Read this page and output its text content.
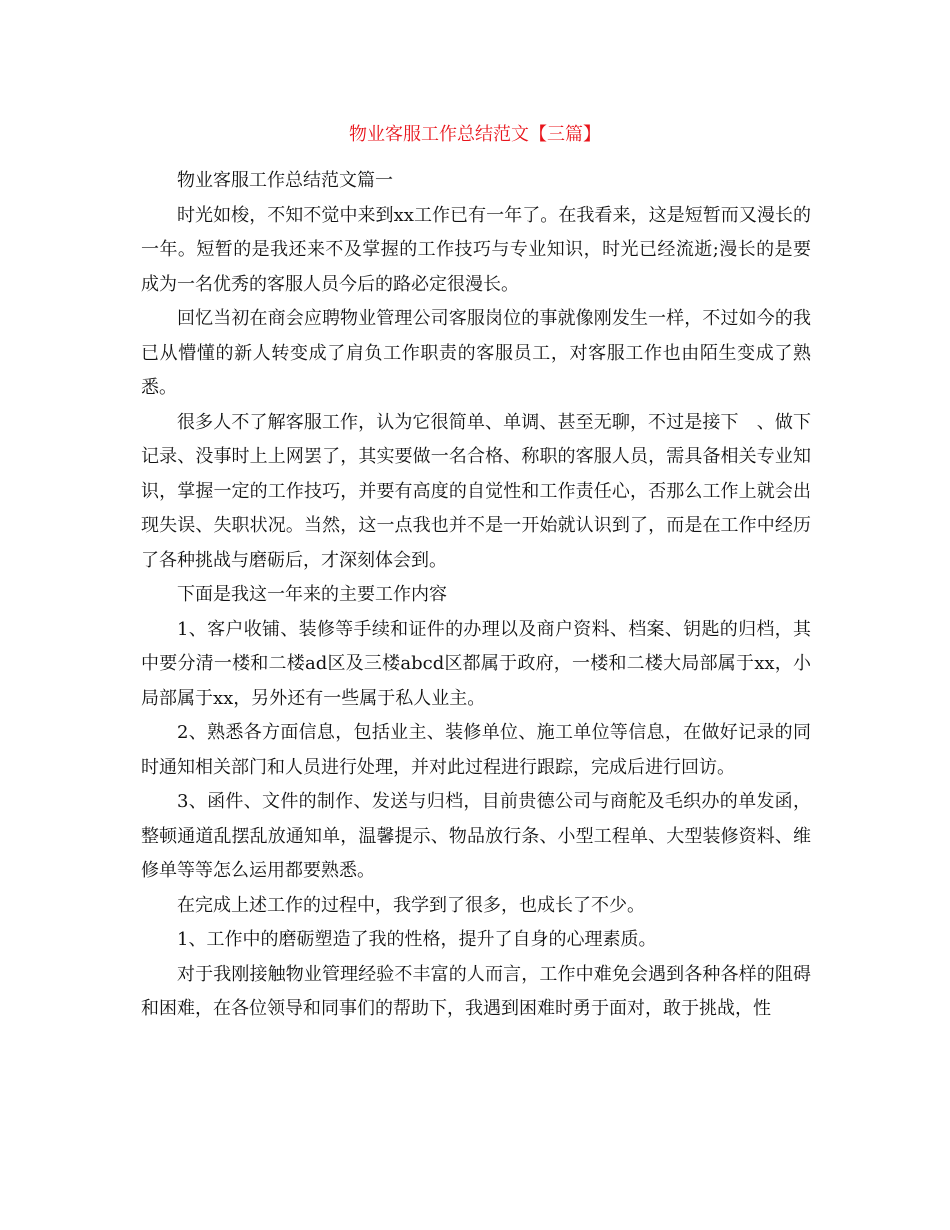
物业客服工作总结范文【三篇】

物业客服工作总结范文篇一

时光如梭，不知不觉中来到xx工作已有一年了。在我看来，这是短暂而又漫长的一年。短暂的是我还来不及掌握的工作技巧与专业知识，时光已经流逝;漫长的是要成为一名优秀的客服人员今后的路必定很漫长。

回忆当初在商会应聘物业管理公司客服岗位的事就像刚发生一样，不过如今的我已从懵懂的新人转变成了肩负工作职责的客服员工，对客服工作也由陌生变成了熟悉。

很多人不了解客服工作，认为它很简单、单调、甚至无聊，不过是接下　、做下记录、没事时上上网罢了，其实要做一名合格、称职的客服人员，需具备相关专业知识，掌握一定的工作技巧，并要有高度的自觉性和工作责任心，否那么工作上就会出现失误、失职状况。当然，这一点我也并不是一开始就认识到了，而是在工作中经历了各种挑战与磨砺后，才深刻体会到。

下面是我这一年来的主要工作内容

1、客户收铺、装修等手续和证件的办理以及商户资料、档案、钥匙的归档，其中要分清一楼和二楼ad区及三楼abcd区都属于政府，一楼和二楼大局部属于xx，小局部属于xx，另外还有一些属于私人业主。

2、熟悉各方面信息，包括业主、装修单位、施工单位等信息，在做好记录的同时通知相关部门和人员进行处理，并对此过程进行跟踪，完成后进行回访。

3、函件、文件的制作、发送与归档，目前贵德公司与商舵及毛织办的单发函，整顿通道乱摆乱放通知单，温馨提示、物品放行条、小型工程单、大型装修资料、维修单等等怎么运用都要熟悉。

在完成上述工作的过程中，我学到了很多，也成长了不少。

1、工作中的磨砺塑造了我的性格，提升了自身的心理素质。

对于我刚接触物业管理经验不丰富的人而言，工作中难免会遇到各种各样的阻碍和困难，在各位领导和同事们的帮助下，我遇到困难时勇于面对，敢于挑战，性
